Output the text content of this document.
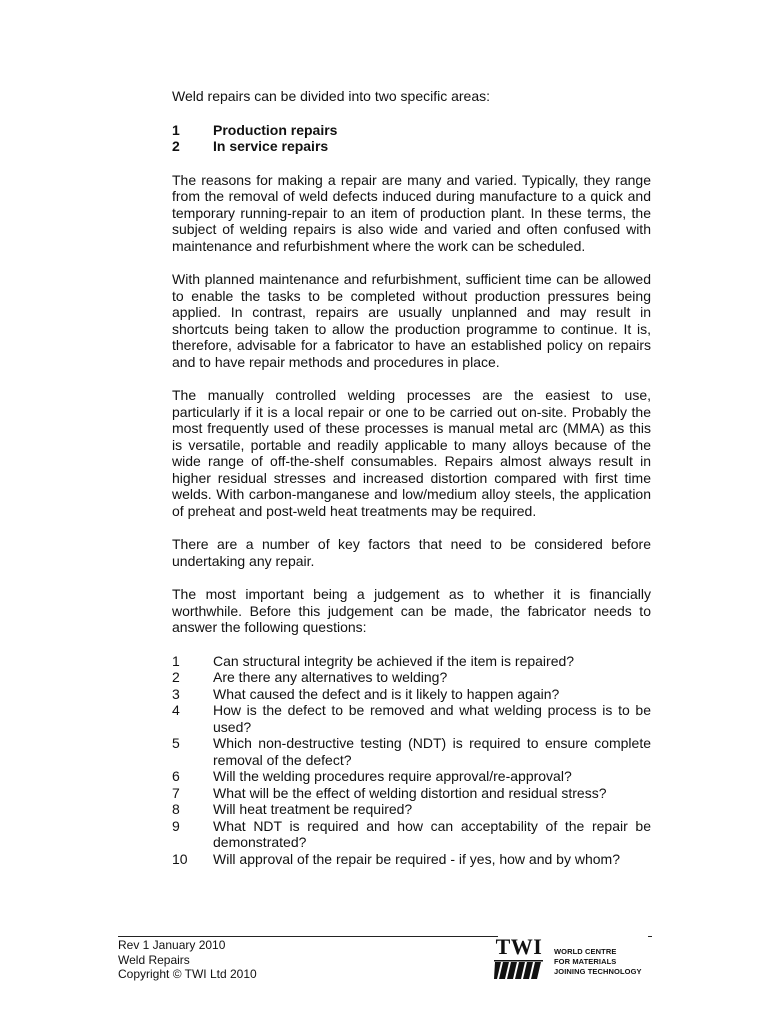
Weld repairs can be divided into two specific areas:

1	Production repairs
2	In service repairs

The reasons for making a repair are many and varied. Typically, they range from the removal of weld defects induced during manufacture to a quick and temporary running-repair to an item of production plant. In these terms, the subject of welding repairs is also wide and varied and often confused with maintenance and refurbishment where the work can be scheduled.

With planned maintenance and refurbishment, sufficient time can be allowed to enable the tasks to be completed without production pressures being applied. In contrast, repairs are usually unplanned and may result in shortcuts being taken to allow the production programme to continue. It is, therefore, advisable for a fabricator to have an established policy on repairs and to have repair methods and procedures in place.

The manually controlled welding processes are the easiest to use, particularly if it is a local repair or one to be carried out on-site. Probably the most frequently used of these processes is manual metal arc (MMA) as this is versatile, portable and readily applicable to many alloys because of the wide range of off-the-shelf consumables. Repairs almost always result in higher residual stresses and increased distortion compared with first time welds. With carbon-manganese and low/medium alloy steels, the application of preheat and post-weld heat treatments may be required.

There are a number of key factors that need to be considered before undertaking any repair.

The most important being a judgement as to whether it is financially worthwhile. Before this judgement can be made, the fabricator needs to answer the following questions:

1	Can structural integrity be achieved if the item is repaired?
2	Are there any alternatives to welding?
3	What caused the defect and is it likely to happen again?
4	How is the defect to be removed and what welding process is to be used?
5	Which non-destructive testing (NDT) is required to ensure complete removal of the defect?
6	Will the welding procedures require approval/re-approval?
7	What will be the effect of welding distortion and residual stress?
8	Will heat treatment be required?
9	What NDT is required and how can acceptability of the repair be demonstrated?
10	Will approval of the repair be required - if yes, how and by whom?
Rev 1 January 2010
Weld Repairs
Copyright © TWI Ltd 2010
TWI WORLD CENTRE
FOR MATERIALS
JOINING TECHNOLOGY
